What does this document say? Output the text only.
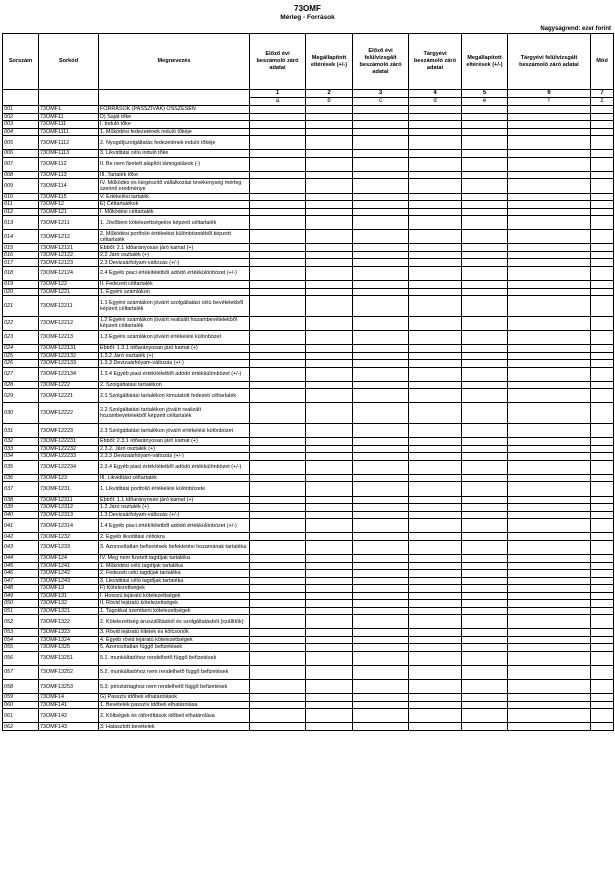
73OMF
Mérleg - Források
Nagyságrend: ezer forint
Sorszám	Sorkód	Megnevezés	Előző évi beszámoló záró adatai	Megállapított eltérések (+/-)	Előző évi felülvizsgált beszámoló záró adatai	Tárgyévi beszámoló záró adatai	Megállapított eltérések (+/-)	Tárgyévi felülvizsgált beszámoló záró adatai	Mód
			1	2	3	4	5	6	7
			a	b	c	d	e	f	z
001	73OMF1	FORRÁSOK (PASSZÍVÁK) ÖSSZESEN							
002	73OMF11	D) Saját tőke							
003	73OMF111	I. Induló tőke							
004	73OMF1111	1. Működési fedezetének induló tőkéje							
005	73OMF1112	2. Nyugdíjszolgáltatás fedezetének induló tőkéje							
006	73OMF1113	3. Likviditási célú induló tőke							
007	73OMF112	II. Be nem fizetett alapítói támogatások (-)							
008	73OMF113	III. Tartalék tőke							
009	73OMF114	IV. Működés és kiegészítő vállalkozási tevékenység mérleg szerinti eredménye							
010	73OMF115	V. Értékelési tartalék							
011	73OMF12	E) Céltartalékok							
012	73OMF121	I. Működési céltartalék							
013	73OMF1211	1. Jövőbeni kötelezettségekre képzett céltartalék							
014	73OMF1212	2. Működési portfolió értékelési különbözetéből képzett céltartalék							
015	73OMF12121	Ebből: 2.1 Időarányosan járó kamat (+)							
016	73OMF12122	2.2 Járó osztalék (+)							
017	73OMF12123	2.3 Devizaárfolyam-változás (+/-)							
018	73OMF12124	2.4 Egyéb piaci értékítéletből adódó értékkülönbözet (+/-)							
019	73OMF122	II. Fedezeti céltartalék							
020	73OMF1221	1. Egyéni számlákon							
021	73OMF12211	1.1 Egyéni számlákon jóváírt szolgáltatási célú bevételekből képzett céltartalék							
022	73OMF12212	1.2 Egyéni számlákon jóváírt realizált hozambevételekből képzett céltartalék							
023	73OMF12213	1.3 Egyéni számlákon jóváírt értékelési különbözet							
024	73OMF122131	Ebből: 1.3.1 Időarányosan járó kamat (+)							
025	73OMF122132	1.3.2 Járó osztalék (+)							
026	73OMF122133	1.3.3 Devizaárfolyam-változás (+/-)							
027	73OMF122134	1.3.4 Egyéb piaci értékítéletből adódó értékkülönbözet (+/-)							
028	73OMF1222	2. Szolgáltatási tartalékon							
029	73OMF12221	2.1 Szolgáltatási tartalékon kimutatott fedezeti céltartalék							
030	73OMF12222	2.2 Szolgáltatási tartalékon jóváírt realizált hozambevételekből képzett céltartalék							
031	73OMF12223	2.3 Szolgáltatási tartalékon jóváírt értékelési különbözet							
032	73OMF122231	Ebből: 2.3.1 Időarányosan járó kamat (+)							
033	73OMF122232	2.3.2. Járó osztalék (+)							
034	73OMF122233	2.3.3 Devizaárfolyam-változás (+/-)							
035	73OMF122234	2.3.4 Egyéb piaci értékítéletből adódó értékkülönbözet (+/-)							
036	73OMF123	III. Likviditási céltartalék							
037	73OMF1231	1. Likviditási portfolió értékelési különbözete							
038	73OMF12311	Ebből: 1.1 Időarányosan járó kamat (+)							
039	73OMF12312	1.2 Járó osztalék (+)							
040	73OMF12313	1.3 Devizaárfolyam-változás (+/-)							
041	73OMF12314	1.4 Egyéb piaci értékítéletből adódó értékkülönbözet (+/-)							
042	73OMF1232	2. Egyéb likviditási céltokra							
043	73OMF1233	3. Azonosítatlan befizetések befektetési hozamának tartaléka							
044	73OMF124	IV. Meg nem fizetett tagdíjak tartaléka							
045	73OMF1241	1. Működési célú tagdíjak tartaléka							
046	73OMF1242	2. Fedezeti célú tagdíjak tartaléka							
047	73OMF1243	3. Likviditási célú tagdíjak tartaléka							
048	73OMF13	F) Kötelezettségek							
049	73OMF131	I. Hosszú lejáratú kötelezettségek							
050	73OMF132	II. Rövid lejáratú kötelezettségek							
051	73OMF1321	1. Tagokkal szembeni kötelezettségek							
052	73OMF1322	2. Kötelezettség áruszállításból és szolgáltatásból (szállítók)							
053	73OMF1323	3. Rövid lejáratú hitelek és kölcsönök							
054	73OMF1324	4. Egyéb rövid lejáratú kötelezettségek							
055	73OMF1325	5. Azonosítatlan függő befizetések							
056	73OMF13251	5.1. munkáltatóhoz rendelhető függő befizetések							
057	73OMF13252	5.2. munkáltatóhoz nem rendelhető függő befizetések							
058	73OMF13253	5.3. pénztártaghoz nem rendelhető függő befizetések							
059	73OMF14	G) Passzív időbeli elhatárolások							
060	73OMF141	1. Bevételek passzív időbeli elhatárolása							
061	73OMF142	2. Költségek és ráfordítások időbeli elhatárolása							
062	73OMF143	3. Halasztott bevételek							
